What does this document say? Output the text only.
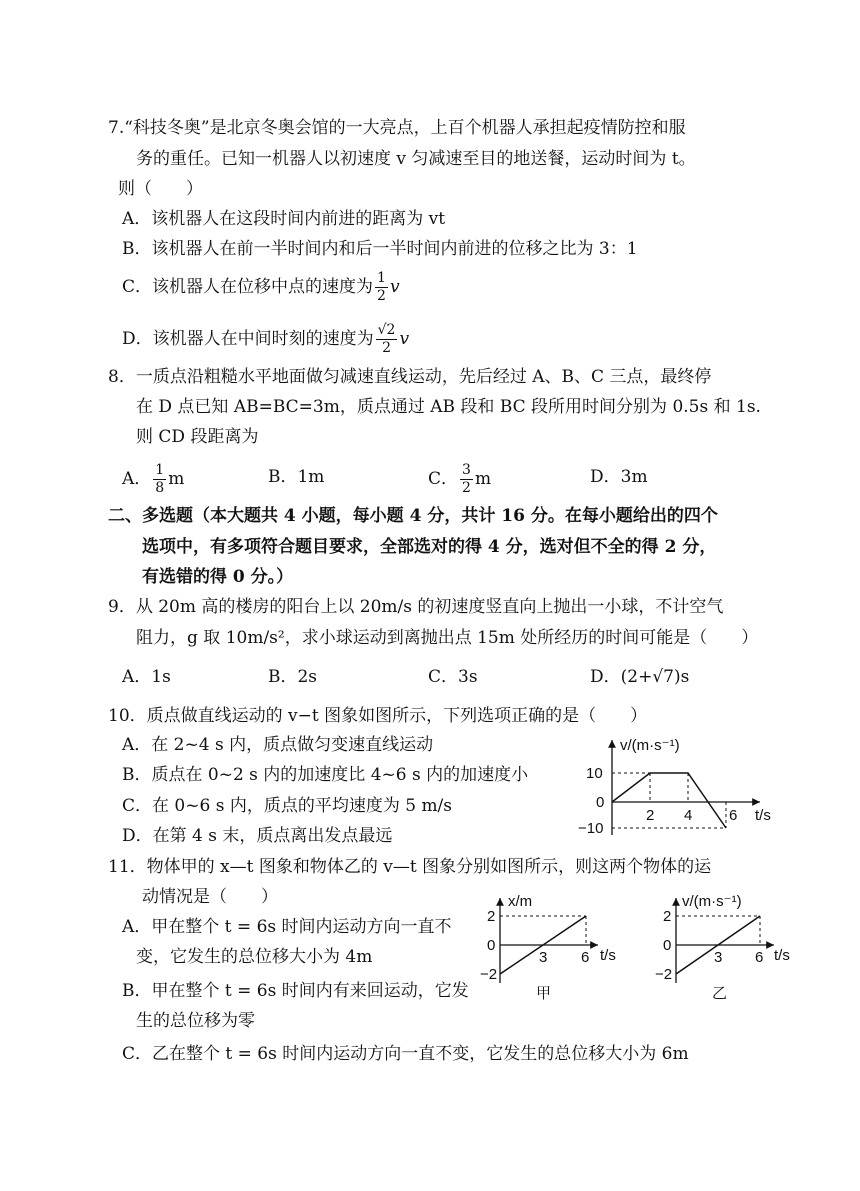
7.“科技冬奥”是北京冬奥会馆的一大亮点，上百个机器人承担起疫情防控和服
务的重任。已知一机器人以初速度 v 匀减速至目的地送餐，运动时间为 t。
则（　　）
A．该机器人在这段时间内前进的距离为 vt
B．该机器人在前一半时间内和后一半时间内前进的位移之比为 3：1
C．该机器人在位移中点的速度为 $\frac{1}{2}$ v
D．该机器人在中间时刻的速度为 $\frac{√2}{2}$ v
8．一质点沿粗糙水平地面做匀减速直线运动，先后经过 A、B、C 三点，最终停
在 D 点已知 AB=BC=3m，质点通过 AB 段和 BC 段所用时间分别为 0.5s 和 1s.
则 CD 段距离为
A． $\frac{1}{8}$ m	B．1m	C． $\frac{3}{2}$ m	D．3m
二、多选题（本大题共 4 小题，每小题 4 分，共计 16 分。在每小题给出的四个
选项中，有多项符合题目要求，全部选对的得 4 分，选对但不全的得 2 分，
有选错的得 0 分。）
9．从 20m 高的楼房的阳台上以 20m/s 的初速度竖直向上抛出一小球，不计空气
阻力，g 取 10m/s²，求小球运动到离抛出点 15m 处所经历的时间可能是（　　）
A．1s	B．2s	C．3s	D．(2+√7)s
10．质点做直线运动的 v−t 图象如图所示，下列选项正确的是（　　）
A．在 2~4 s 内，质点做匀变速直线运动
B．质点在 0~2 s 内的加速度比 4~6 s 内的加速度小
C．在 0~6 s 内，质点的平均速度为 5 m/s
D．在第 4 s 末，质点离出发点最远
v/(m·s⁻¹)
t/s
10
0
−10
2 4 6
11．物体甲的 x—t 图象和物体乙的 v—t 图象分别如图所示，则这两个物体的运
动情况是（　　）
A．甲在整个 t = 6s 时间内运动方向一直不
变，它发生的总位移大小为 4m
B．甲在整个 t = 6s 时间内有来回运动，它发
生的总位移为零
C．乙在整个 t = 6s 时间内运动方向一直不变，它发生的总位移大小为 6m
x/m
t/s
2
0
−2
3 6
甲
v/(m·s⁻¹)
t/s
2
0
−2
3 6
乙
